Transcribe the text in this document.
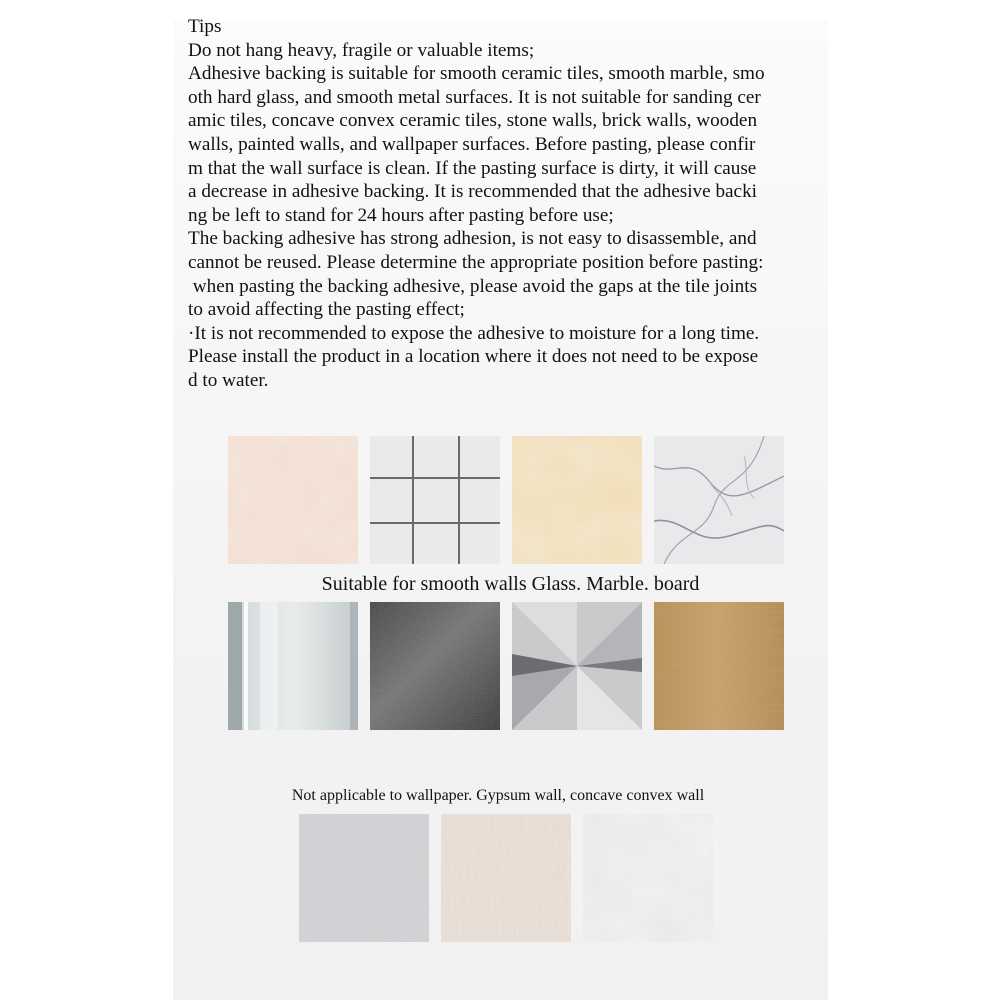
Tips

Do not hang heavy, fragile or valuable items;

Adhesive backing is suitable for smooth ceramic tiles, smooth marble, smo

oth hard glass, and smooth metal surfaces. It is not suitable for sanding cer

amic tiles, concave convex ceramic tiles, stone walls, brick walls, wooden

walls, painted walls, and wallpaper surfaces. Before pasting, please confir

m that the wall surface is clean. If the pasting surface is dirty, it will cause

a decrease in adhesive backing. It is recommended that the adhesive backi

ng be left to stand for 24 hours after pasting before use;

The backing adhesive has strong adhesion, is not easy to disassemble, and

cannot be reused. Please determine the appropriate position before pasting:

when pasting the backing adhesive, please avoid the gaps at the tile joints

to avoid affecting the pasting effect;

·It is not recommended to expose the adhesive to moisture for a long time.

Please install the product in a location where it does not need to be expose

d to water.

Suitable for smooth walls Glass. Marble. board
Not applicable to wallpaper. Gypsum wall, concave convex wall
